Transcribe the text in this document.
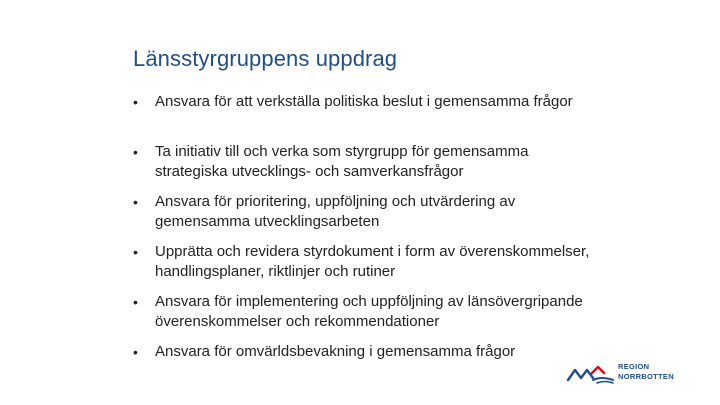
Länsstyrgruppens uppdrag
• Ansvara för att verkställa politiska beslut i gemensamma frågor
• Ta initiativ till och verka som styrgrupp för gemensamma strategiska utvecklings- och samverkansfrågor
• Ansvara för prioritering, uppföljning och utvärdering av gemensamma utvecklingsarbeten
• Upprätta och revidera styrdokument i form av överenskommelser, handlingsplaner, riktlinjer och rutiner
• Ansvara för implementering och uppföljning av länsövergripande överenskommelser och rekommendationer
• Ansvara för omvärldsbevakning i gemensamma frågor
REGION
NORRBOTTEN
